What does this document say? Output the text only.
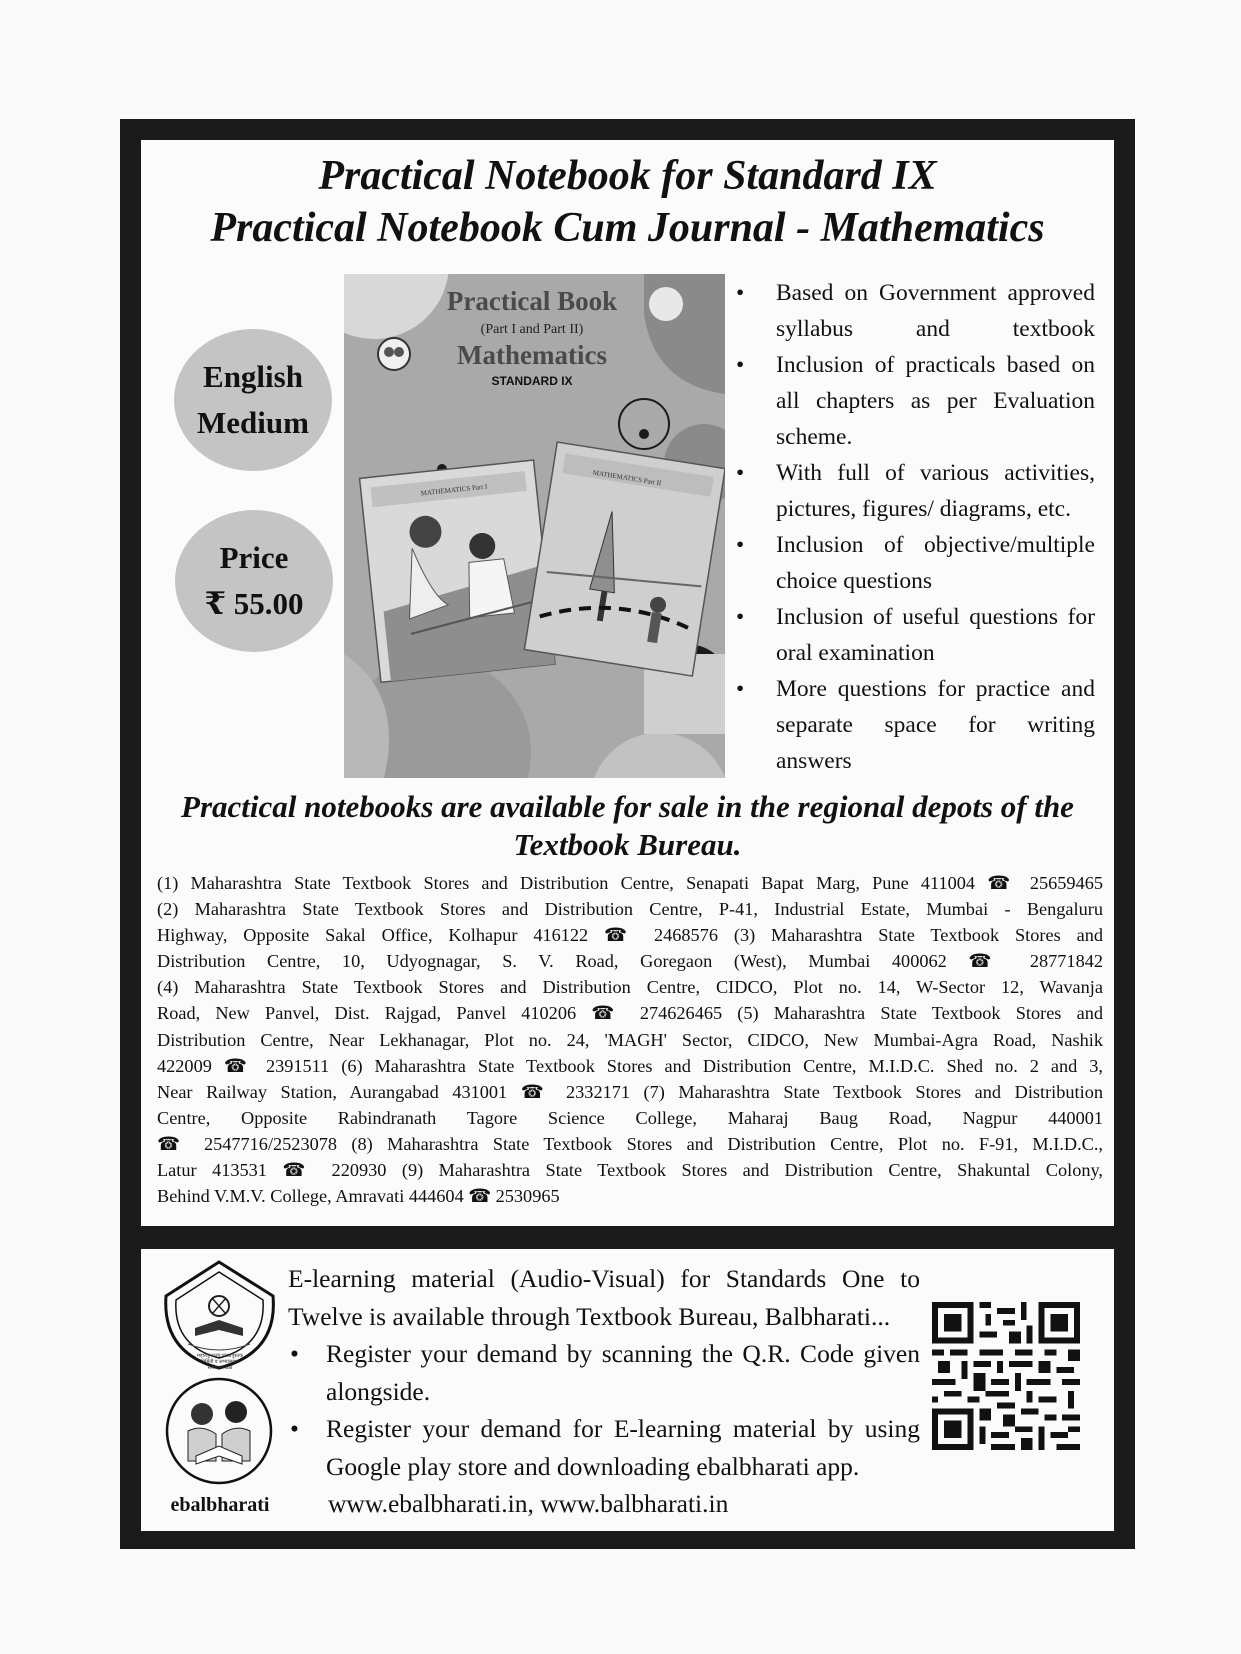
Practical Notebook for Standard IX
Practical Notebook Cum Journal - Mathematics
English
Medium
Price
₹ 55.00
Practical Book
(Part I and Part II)
Mathematics
STANDARD IX
MATHEMATICS Part I
MATHEMATICS Part II
• Based on Government approved syllabus and textbook
• Inclusion of practicals based on all chapters as per Evaluation scheme.
• With full of various activities, pictures, figures/ diagrams, etc.
• Inclusion of objective/multiple choice questions
• Inclusion of useful questions for oral examination
• More questions for practice and separate space for writing answers
Practical notebooks are available for sale in the regional depots of the Textbook Bureau.

(1) Maharashtra State Textbook Stores and Distribution Centre, Senapati Bapat Marg, Pune 411004 ☎ 25659465
(2) Maharashtra State Textbook Stores and Distribution Centre, P-41, Industrial Estate, Mumbai - Bengaluru
Highway, Opposite Sakal Office, Kolhapur 416122 ☎ 2468576 (3) Maharashtra State Textbook Stores and
Distribution Centre, 10, Udyognagar, S. V. Road, Goregaon (West), Mumbai 400062 ☎ 28771842
(4) Maharashtra State Textbook Stores and Distribution Centre, CIDCO, Plot no. 14, W-Sector 12, Wavanja
Road, New Panvel, Dist. Rajgad, Panvel 410206 ☎ 274626465 (5) Maharashtra State Textbook Stores and
Distribution Centre, Near Lekhanagar, Plot no. 24, 'MAGH' Sector, CIDCO, New Mumbai-Agra Road, Nashik
422009 ☎ 2391511 (6) Maharashtra State Textbook Stores and Distribution Centre, M.I.D.C. Shed no. 2 and 3,
Near Railway Station, Aurangabad 431001 ☎ 2332171 (7) Maharashtra State Textbook Stores and Distribution
Centre, Opposite Rabindranath Tagore Science College, Maharaj Baug Road, Nagpur 440001
☎ 2547716/2523078 (8) Maharashtra State Textbook Stores and Distribution Centre, Plot no. F-91, M.I.D.C.,
Latur 413531 ☎ 220930 (9) Maharashtra State Textbook Stores and Distribution Centre, Shakuntal Colony,
Behind V.M.V. College, Amravati 444604 ☎ 2530965

महाराष्ट्र राज्य पाठ्यपुस्तक निर्मिती व अभ्यासक्रम संशोधन मंडळ
ebalbharati
E-learning material (Audio-Visual) for Standards One to Twelve is available through Textbook Bureau, Balbharati...
• Register your demand by scanning the Q.R. Code given alongside.
• Register your demand for E-learning material by using Google play store and downloading ebalbharati app.
www.ebalbharati.in, www.balbharati.in
